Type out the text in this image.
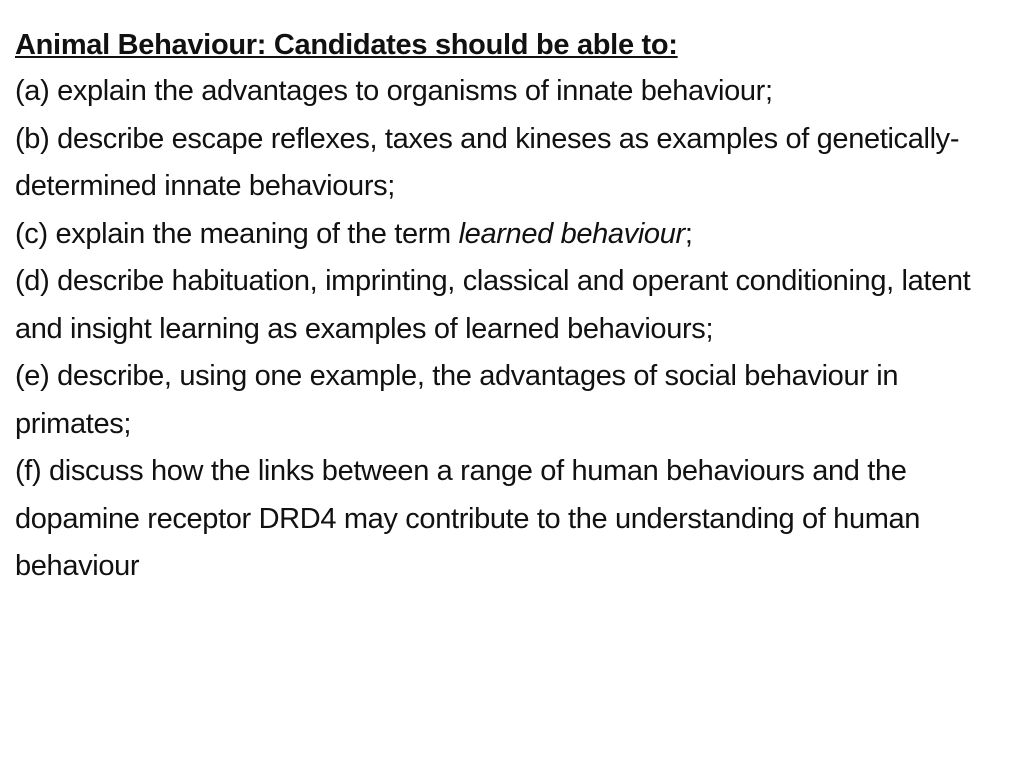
Animal Behaviour: Candidates should be able to:
(a) explain the advantages to organisms of innate behaviour;
(b) describe escape reflexes, taxes and kineses as examples of genetically-determined innate behaviours;
(c) explain the meaning of the term learned behaviour;
(d) describe habituation, imprinting, classical and operant conditioning, latent and insight learning as examples of learned behaviours;
(e) describe, using one example, the advantages of social behaviour in primates;
(f) discuss how the links between a range of human behaviours and the dopamine receptor DRD4 may contribute to the understanding of human behaviour
